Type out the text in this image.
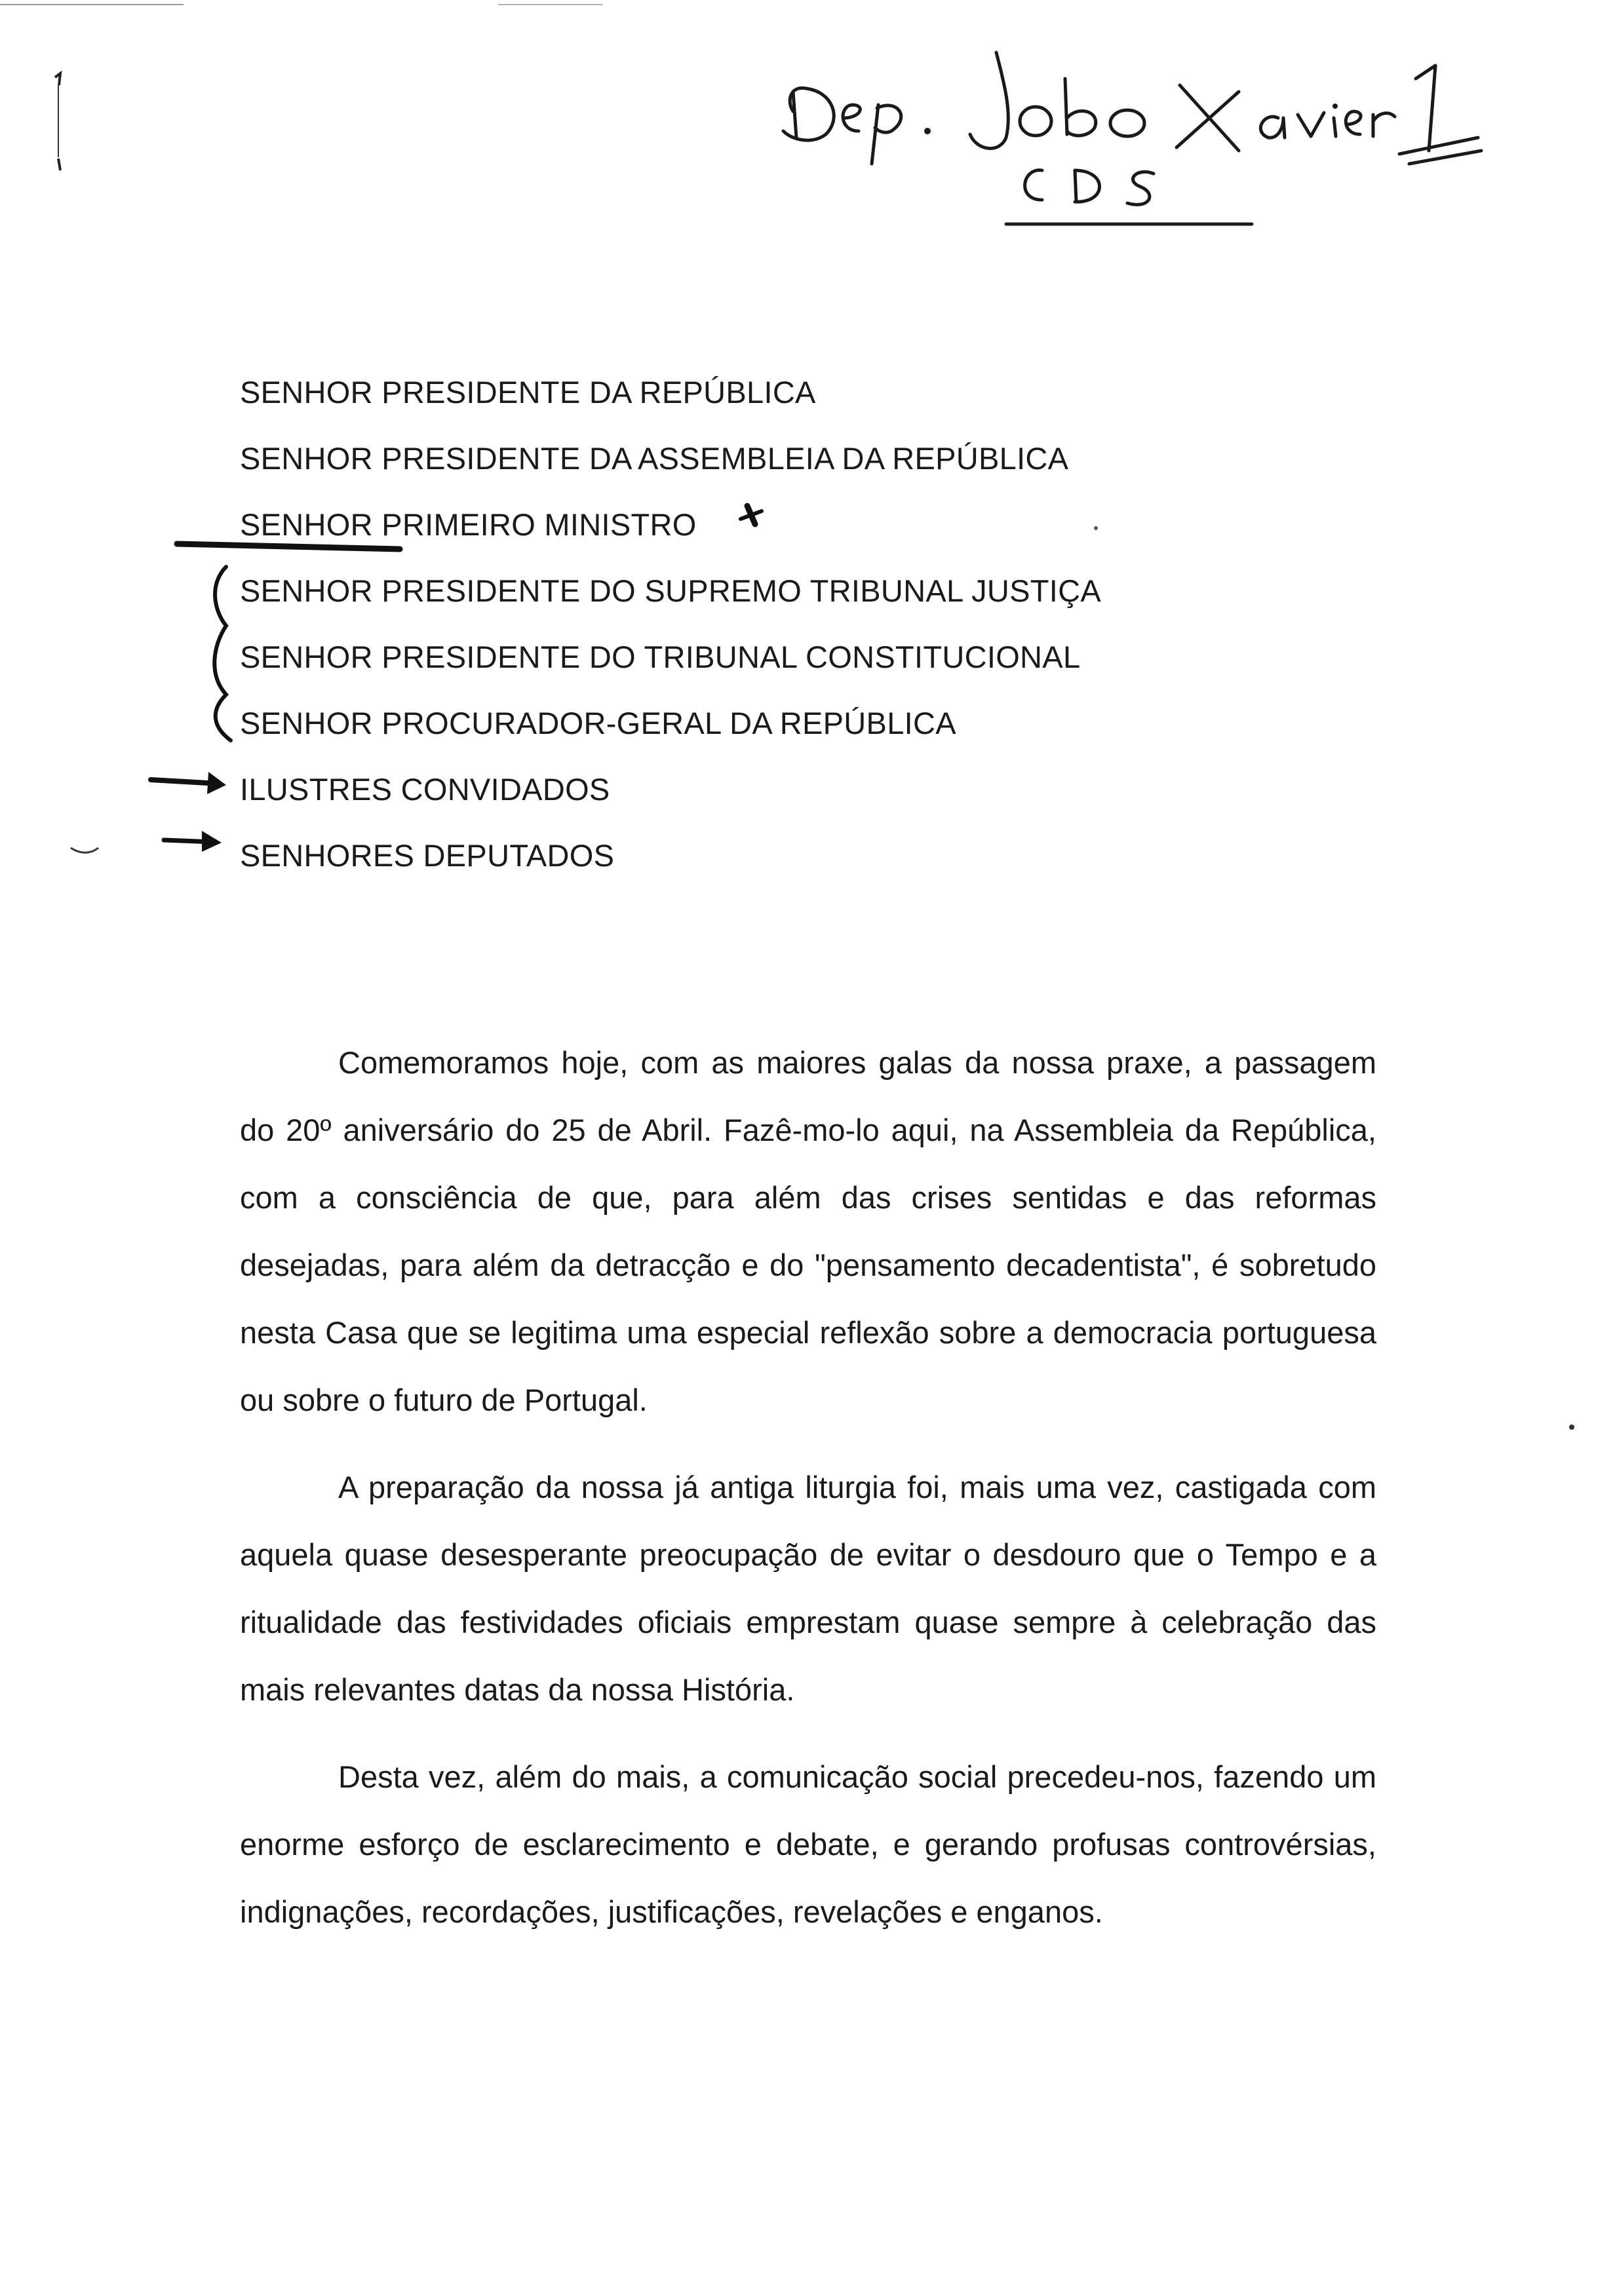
SENHOR PRESIDENTE DA REPÚBLICA
SENHOR PRESIDENTE DA ASSEMBLEIA DA REPÚBLICA
SENHOR PRIMEIRO MINISTRO
SENHOR PRESIDENTE DO SUPREMO TRIBUNAL JUSTIÇA
SENHOR PRESIDENTE DO TRIBUNAL CONSTITUCIONAL
SENHOR PROCURADOR-GERAL DA REPÚBLICA
ILUSTRES CONVIDADOS
SENHORES DEPUTADOS

Comemoramos hoje, com as maiores galas da nossa praxe, a passagem do 20º aniversário do 25 de Abril. Fazê-mo-lo aqui, na Assembleia da República, com a consciência de que, para além das crises sentidas e das reformas desejadas, para além da detracção e do "pensamento decadentista", é sobretudo nesta Casa que se legitima uma especial reflexão sobre a democracia portuguesa ou sobre o futuro de Portugal.

A preparação da nossa já antiga liturgia foi, mais uma vez, castigada com aquela quase desesperante preocupação de evitar o desdouro que o Tempo e a ritualidade das festividades oficiais emprestam quase sempre à celebração das mais relevantes datas da nossa História.

Desta vez, além do mais, a comunicação social precedeu-nos, fazendo um enorme esforço de esclarecimento e debate, e gerando profusas controvérsias, indignações, recordações, justificações, revelações e enganos.
